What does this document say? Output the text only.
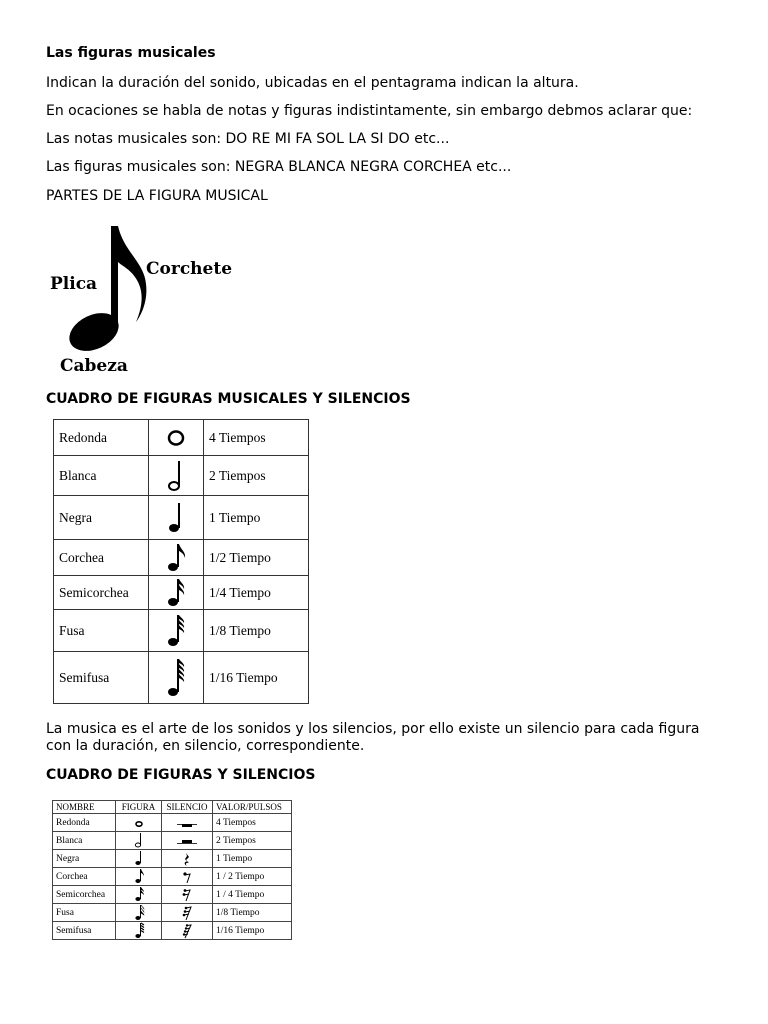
Las figuras musicales
Indican la duración del sonido, ubicadas en el pentagrama indican la altura.
En ocaciones se habla de notas y figuras indistintamente, sin embargo debmos aclarar que:
Las notas musicales son: DO RE MI FA SOL LA SI DO etc...
Las figuras musicales son: NEGRA BLANCA NEGRA CORCHEA etc...
PARTES DE LA FIGURA MUSICAL
Plica
Corchete
Cabeza
CUADRO DE FIGURAS MUSICALES Y SILENCIOS
Redonda		4 Tiempos
Blanca		2 Tiempos
Negra		1 Tiempo
Corchea		1/2 Tiempo
Semicorchea		1/4 Tiempo
Fusa		1/8 Tiempo
Semifusa		1/16 Tiempo
La musica es el arte de los sonidos y los silencios, por ello existe un silencio para cada figura con la duración, en silencio, correspondiente.
CUADRO DE FIGURAS Y SILENCIOS
NOMBRE	FIGURA	SILENCIO	VALOR/PULSOS
Redonda			4 Tiempos
Blanca			2 Tiempos
Negra			1 Tiempo
Corchea			1 / 2 Tiempo
Semicorchea			1 / 4 Tiempo
Fusa			1/8 Tiempo
Semifusa			1/16 Tiempo
